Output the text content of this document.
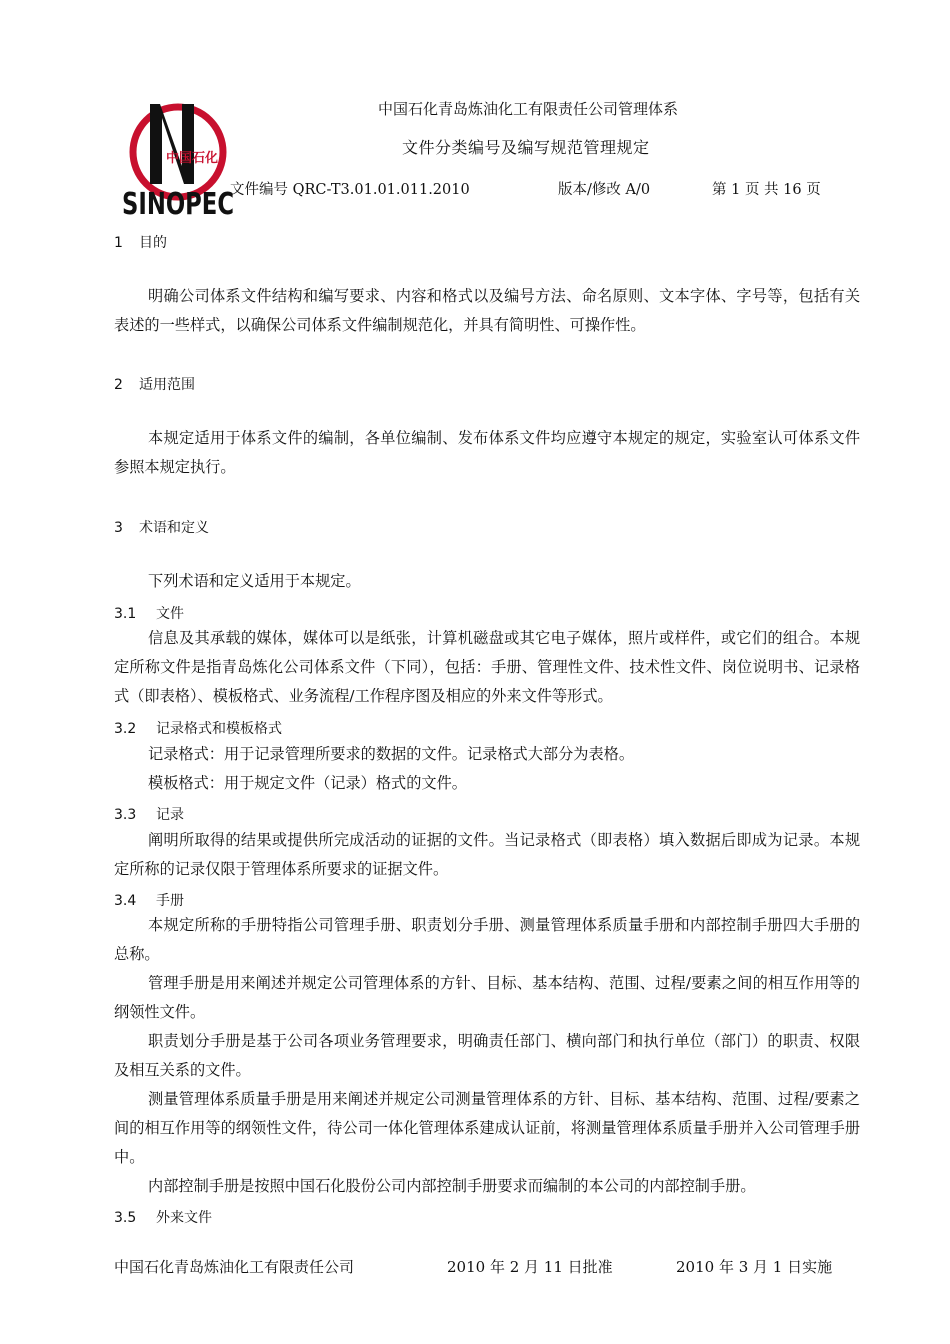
中国石化
SINOPEC
中国石化青岛炼油化工有限责任公司管理体系
文件分类编号及编写规范管理规定
文件编号 QRC-T3.01.01.011.2010	版本/修改 A/0	第 1 页 共 16 页
1 目的

明确公司体系文件结构和编写要求、内容和格式以及编号方法、命名原则、文本字体、字号等，包括有关表述的一些样式，以确保公司体系文件编制规范化，并具有简明性、可操作性。

2 适用范围

本规定适用于体系文件的编制，各单位编制、发布体系文件均应遵守本规定的规定，实验室认可体系文件参照本规定执行。

3 术语和定义

下列术语和定义适用于本规定。

3.1 文件

信息及其承载的媒体，媒体可以是纸张，计算机磁盘或其它电子媒体，照片或样件，或它们的组合。本规定所称文件是指青岛炼化公司体系文件（下同），包括：手册、管理性文件、技术性文件、岗位说明书、记录格式（即表格）、模板格式、业务流程/工作程序图及相应的外来文件等形式。

3.2 记录格式和模板格式

记录格式：用于记录管理所要求的数据的文件。记录格式大部分为表格。

模板格式：用于规定文件（记录）格式的文件。

3.3 记录

阐明所取得的结果或提供所完成活动的证据的文件。当记录格式（即表格）填入数据后即成为记录。本规定所称的记录仅限于管理体系所要求的证据文件。

3.4 手册

本规定所称的手册特指公司管理手册、职责划分手册、测量管理体系质量手册和内部控制手册四大手册的总称。

管理手册是用来阐述并规定公司管理体系的方针、目标、基本结构、范围、过程/要素之间的相互作用等的纲领性文件。

职责划分手册是基于公司各项业务管理要求，明确责任部门、横向部门和执行单位（部门）的职责、权限及相互关系的文件。

测量管理体系质量手册是用来阐述并规定公司测量管理体系的方针、目标、基本结构、范围、过程/要素之间的相互作用等的纲领性文件，待公司一体化管理体系建成认证前，将测量管理体系质量手册并入公司管理手册中。

内部控制手册是按照中国石化股份公司内部控制手册要求而编制的本公司的内部控制手册。

3.5 外来文件
中国石化青岛炼油化工有限责任公司	2010 年 2 月 11 日批准	2010 年 3 月 1 日实施
